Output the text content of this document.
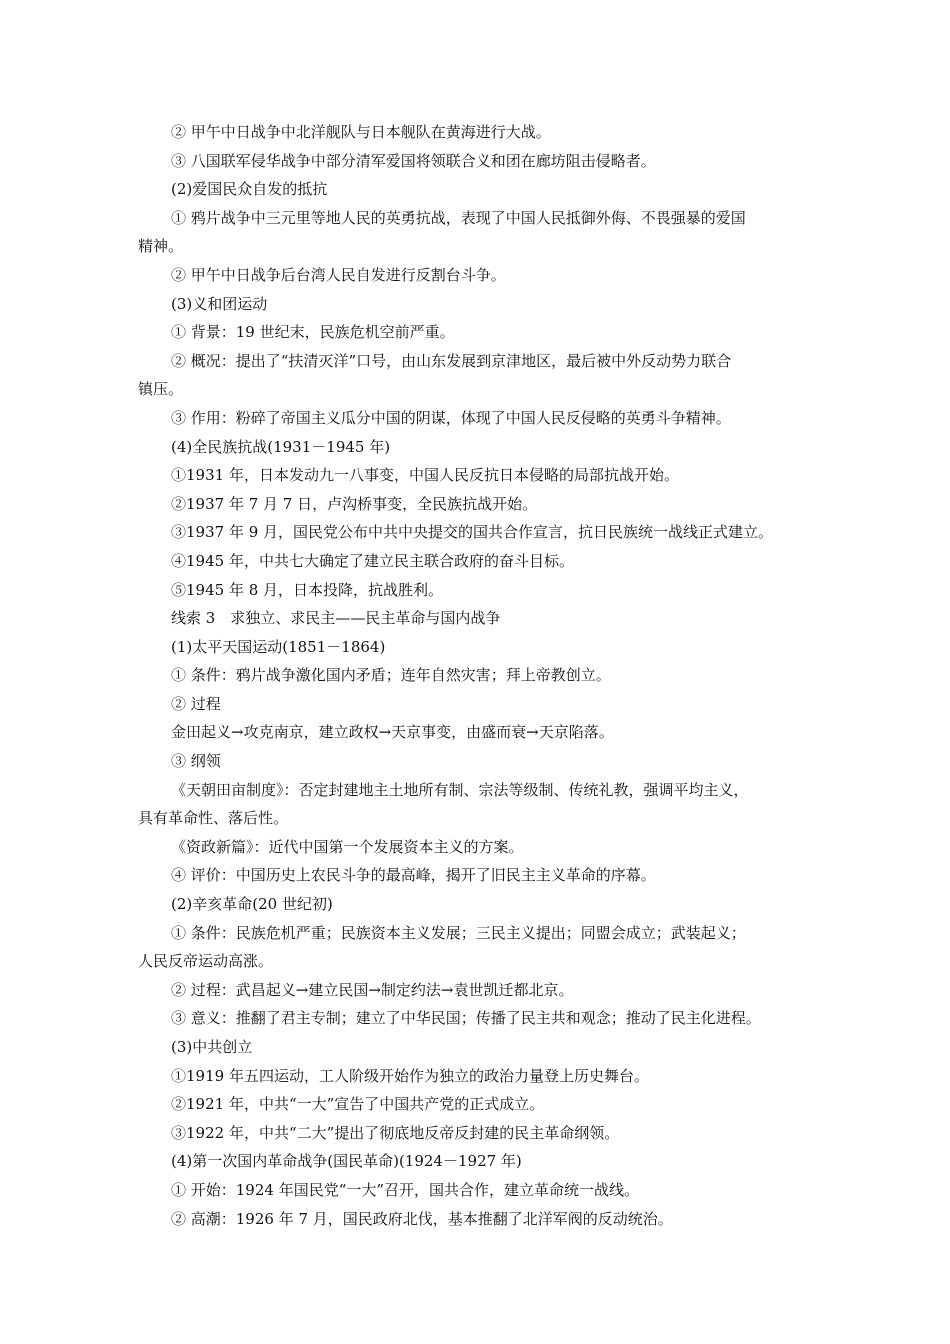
② 甲午中日战争中北洋舰队与日本舰队在黄海进行大战。
③ 八国联军侵华战争中部分清军爱国将领联合义和团在廊坊阻击侵略者。
(2)爱国民众自发的抵抗
① 鸦片战争中三元里等地人民的英勇抗战，表现了中国人民抵御外侮、不畏强暴的爱国
精神。
② 甲午中日战争后台湾人民自发进行反割台斗争。
(3)义和团运动
① 背景：19 世纪末，民族危机空前严重。
② 概况：提出了“扶清灭洋”口号，由山东发展到京津地区，最后被中外反动势力联合
镇压。
③ 作用：粉碎了帝国主义瓜分中国的阴谋，体现了中国人民反侵略的英勇斗争精神。
(4)全民族抗战(1931－1945 年)
①1931 年，日本发动九一八事变，中国人民反抗日本侵略的局部抗战开始。
②1937 年 7 月 7 日，卢沟桥事变，全民族抗战开始。
③1937 年 9 月，国民党公布中共中央提交的国共合作宣言，抗日民族统一战线正式建立。
④1945 年，中共七大确定了建立民主联合政府的奋斗目标。
⑤1945 年 8 月，日本投降，抗战胜利。
线索 3　求独立、求民主——民主革命与国内战争
(1)太平天国运动(1851－1864)
① 条件：鸦片战争激化国内矛盾；连年自然灾害；拜上帝教创立。
② 过程
金田起义→攻克南京，建立政权→天京事变，由盛而衰→天京陷落。
③ 纲领
《天朝田亩制度》：否定封建地主土地所有制、宗法等级制、传统礼教，强调平均主义，
具有革命性、落后性。
《资政新篇》：近代中国第一个发展资本主义的方案。
④ 评价：中国历史上农民斗争的最高峰，揭开了旧民主主义革命的序幕。
(2)辛亥革命(20 世纪初)
① 条件：民族危机严重；民族资本主义发展；三民主义提出；同盟会成立；武装起义；
人民反帝运动高涨。
② 过程：武昌起义→建立民国→制定约法→袁世凯迁都北京。
③ 意义：推翻了君主专制；建立了中华民国；传播了民主共和观念；推动了民主化进程。
(3)中共创立
①1919 年五四运动，工人阶级开始作为独立的政治力量登上历史舞台。
②1921 年，中共“一大”宣告了中国共产党的正式成立。
③1922 年，中共“二大”提出了彻底地反帝反封建的民主革命纲领。
(4)第一次国内革命战争(国民革命)(1924－1927 年)
① 开始：1924 年国民党“一大”召开，国共合作，建立革命统一战线。
② 高潮：1926 年 7 月，国民政府北伐，基本推翻了北洋军阀的反动统治。
